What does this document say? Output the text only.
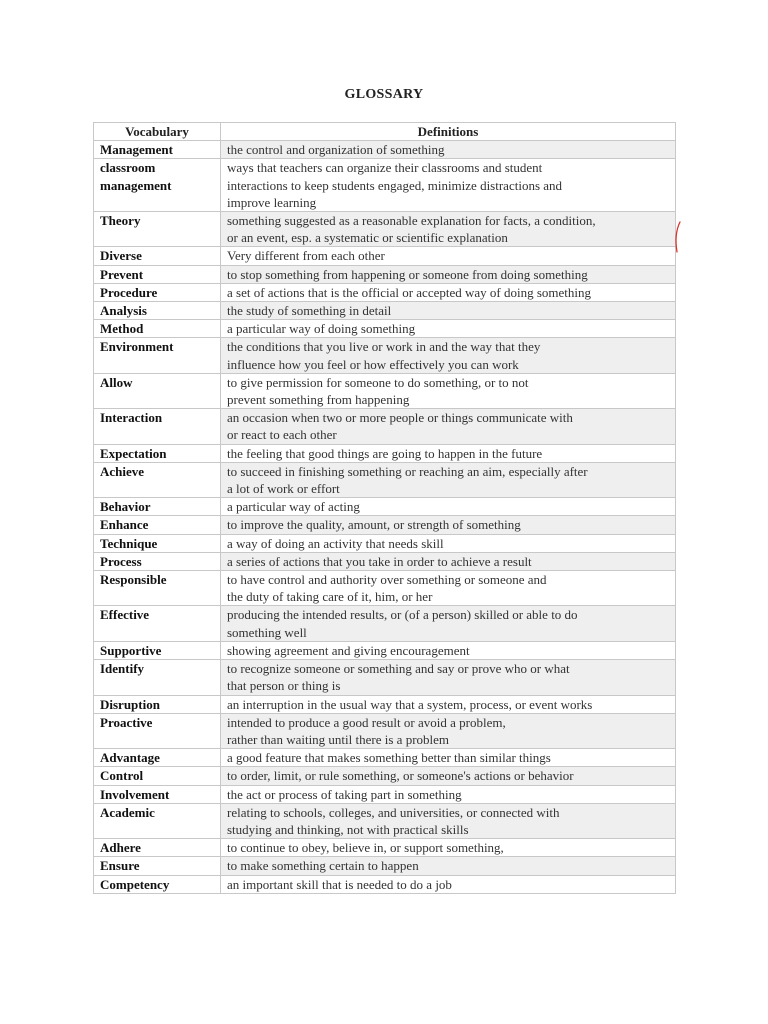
GLOSSARY
Vocabulary	Definitions
Management	the control and organization of something
classroom
management	ways that teachers can organize their classrooms and student
interactions to keep students engaged, minimize distractions and
improve learning
Theory	something suggested as a reasonable explanation for facts, a condition,
or an event, esp. a systematic or scientific explanation
Diverse	Very different from each other
Prevent	to stop something from happening or someone from doing something
Procedure	a set of actions that is the official or accepted way of doing something
Analysis	the study of something in detail
Method	a particular way of doing something
Environment	the conditions that you live or work in and the way that they
influence how you feel or how effectively you can work
Allow	to give permission for someone to do something, or to not
prevent something from happening
Interaction	an occasion when two or more people or things communicate with
or react to each other
Expectation	the feeling that good things are going to happen in the future
Achieve	to succeed in finishing something or reaching an aim, especially after
a lot of work or effort
Behavior	a particular way of acting
Enhance	to improve the quality, amount, or strength of something
Technique	a way of doing an activity that needs skill
Process	a series of actions that you take in order to achieve a result
Responsible	to have control and authority over something or someone and
the duty of taking care of it, him, or her
Effective	producing the intended results, or (of a person) skilled or able to do
something well
Supportive	showing agreement and giving encouragement
Identify	to recognize someone or something and say or prove who or what
that person or thing is
Disruption	an interruption in the usual way that a system, process, or event works
Proactive	intended to produce a good result or avoid a problem,
rather than waiting until there is a problem
Advantage	a good feature that makes something better than similar things
Control	to order, limit, or rule something, or someone's actions or behavior
Involvement	the act or process of taking part in something
Academic	relating to schools, colleges, and universities, or connected with
studying and thinking, not with practical skills
Adhere	to continue to obey, believe in, or support something,
Ensure	to make something certain to happen
Competency	an important skill that is needed to do a job
